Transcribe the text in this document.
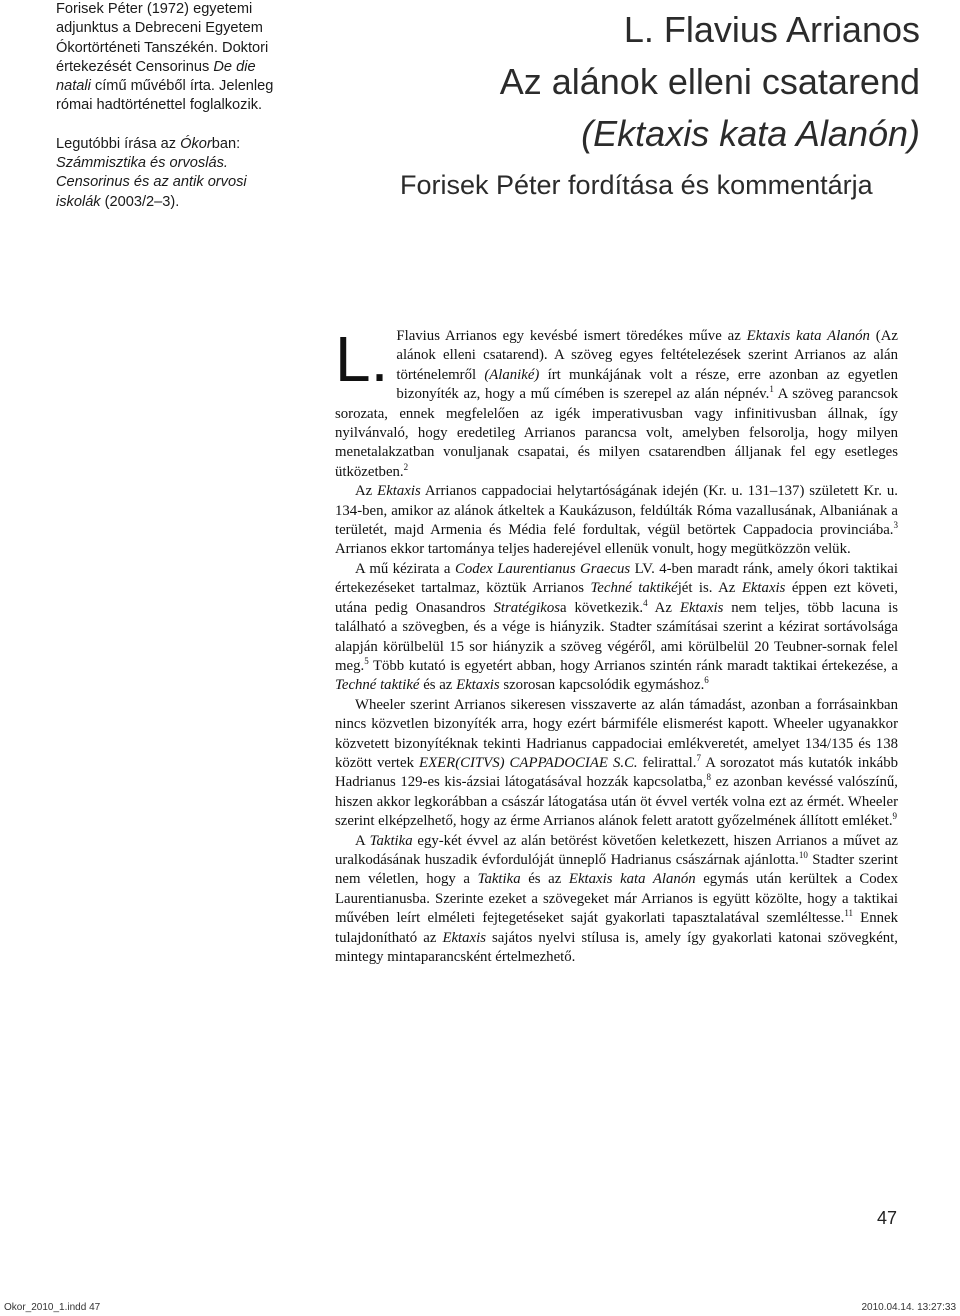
Forisek Péter (1972) egyetemi adjunktus a Debreceni Egyetem Ókortörténeti Tanszékén. Doktori értekezését Censorinus De die natali című művéből írta. Jelenleg római hadtörténettel foglalkozik.

Legutóbbi írása az Ókorban: Számmisztika és orvoslás. Censorinus és az antik orvosi iskolák (2003/2–3).

L. Flavius Arrianos
Az alánok elleni csatarend
(Ektaxis kata Alanón)
Forisek Péter fordítása és kommentárja

L. Flavius Arrianos egy kevésbé ismert töredékes műve az Ektaxis kata Alanón (Az alánok elleni csatarend). A szöveg egyes feltételezések szerint Arrianos az alán történelemről (Alaniké) írt munkájának volt a része, erre azonban az egyetlen bizonyíték az, hogy a mű címében is szerepel az alán népnév.$^1$ A szöveg parancsok sorozata, ennek megfelelően az igék imperativusban vagy infinitivusban állnak, így nyilvánvaló, hogy eredetileg Arrianos parancsa volt, amelyben felsorolja, hogy milyen menetalakzatban vonuljanak csapatai, és milyen csatarendben álljanak fel egy esetleges ütközetben.$^2$

Az Ektaxis Arrianos cappadociai helytartóságának idején (Kr. u. 131–137) született Kr. u. 134-ben, amikor az alánok átkeltek a Kaukázuson, feldúlták Róma vazallusának, Albaniának a területét, majd Armenia és Média felé fordultak, végül betörtek Cappadocia provinciába.$^3$ Arrianos ekkor tartománya teljes haderejével ellenük vonult, hogy megütközzön velük.

A mű kézirata a Codex Laurentianus Graecus LV. 4-ben maradt ránk, amely ókori taktikai értekezéseket tartalmaz, köztük Arrianos Techné taktikéjét is. Az Ektaxis éppen ezt követi, utána pedig Onasandros Stratégikosa következik.$^4$ Az Ektaxis nem teljes, több lacuna is található a szövegben, és a vége is hiányzik. Stadter számításai szerint a kézirat sortávolsága alapján körülbelül 15 sor hiányzik a szöveg végéről, ami körülbelül 20 Teubner-sornak felel meg.$^5$ Több kutató is egyetért abban, hogy Arrianos szintén ránk maradt taktikai értekezése, a Techné taktiké és az Ektaxis szorosan kapcsolódik egymáshoz.$^6$

Wheeler szerint Arrianos sikeresen visszaverte az alán támadást, azonban a forrásainkban nincs közvetlen bizonyíték arra, hogy ezért bármiféle elismerést kapott. Wheeler ugyanakkor közvetett bizonyítéknak tekinti Hadrianus cappadociai emlékveretét, amelyet 134/135 és 138 között vertek EXER(CITVS) CAPPADOCIAE S.C. felirattal.$^7$ A sorozatot más kutatók inkább Hadrianus 129-es kis-ázsiai látogatásával hozzák kapcsolatba,$^8$ ez azonban kevéssé valószínű, hiszen akkor legkorábban a császár látogatása után öt évvel verték volna ezt az érmét. Wheeler szerint elképzelhető, hogy az érme Arrianos alánok felett aratott győzelmének állított emléket.$^9$

A Taktika egy-két évvel az alán betörést követően keletkezett, hiszen Arrianos a művet az uralkodásának huszadik évfordulóját ünneplő Hadrianus császárnak ajánlotta.$^{10}$ Stadter szerint nem véletlen, hogy a Taktika és az Ektaxis kata Alanón egymás után kerültek a Codex Laurentianusba. Szerinte ezeket a szövegeket már Arrianos is együtt közölte, hogy a taktikai művében leírt elméleti fejtegetéseket saját gyakorlati tapasztalatával szemléltesse.$^{11}$ Ennek tulajdonítható az Ektaxis sajátos nyelvi stílusa is, amely így gyakorlati katonai szövegként, mintegy mintaparancsként értelmezhető.

47
Okor_2010_1.indd 47	2010.04.14. 13:27:33
